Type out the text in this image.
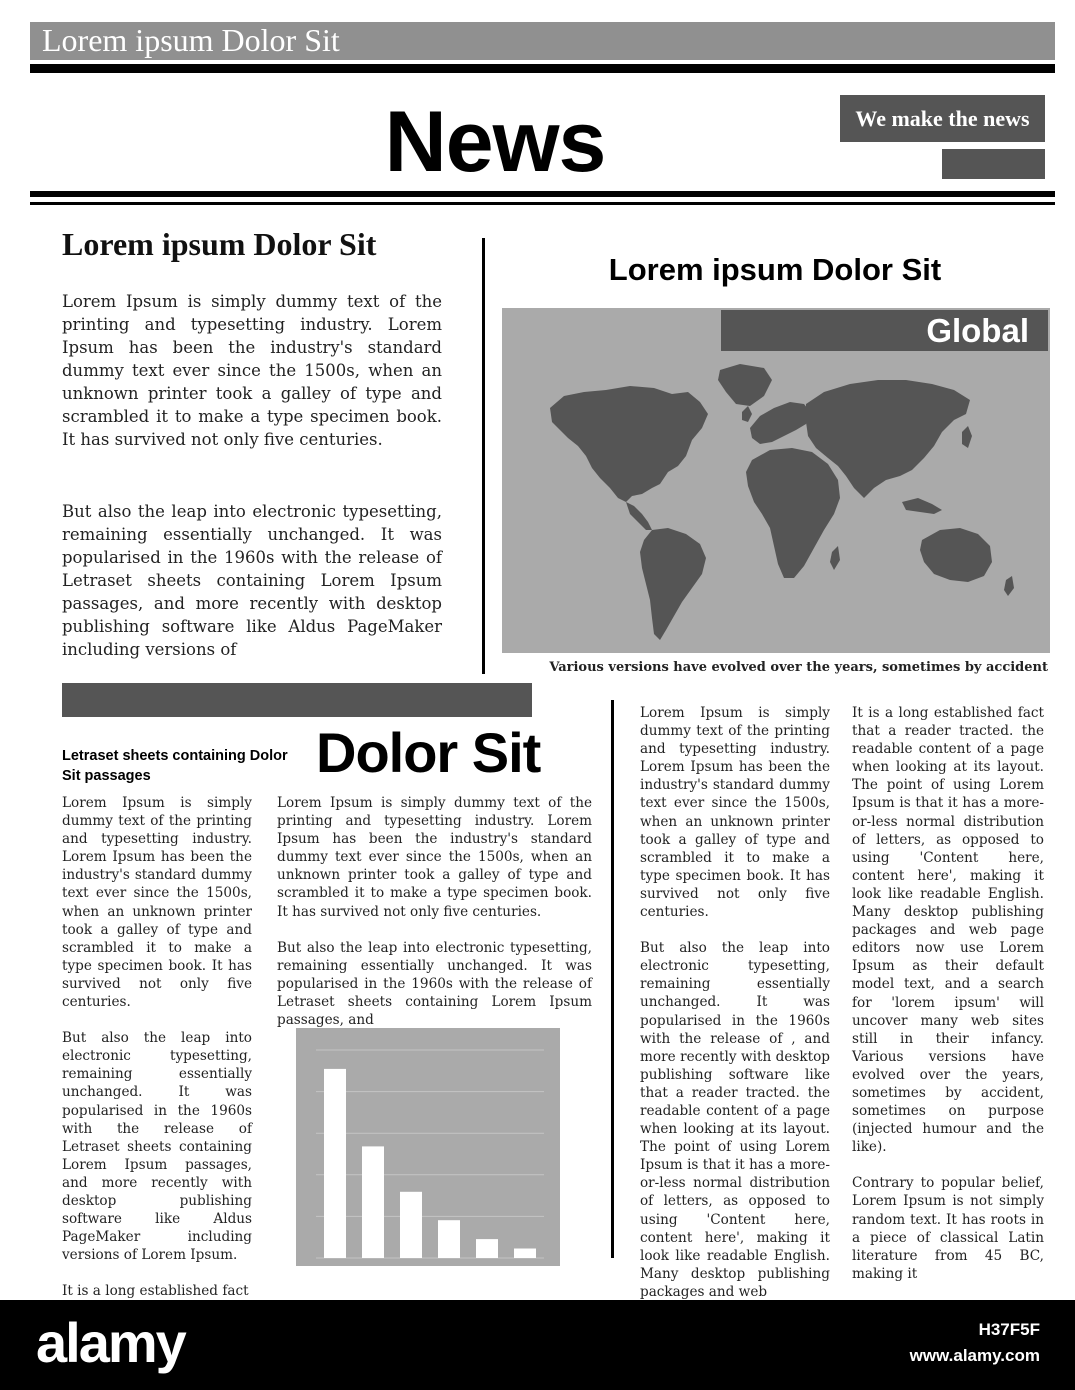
Lorem ipsum Dolor Sit
News	We make the news
Lorem ipsum Dolor Sit

Lorem Ipsum is simply dummy text of the printing and typesetting industry. Lorem Ipsum has been the industry's standard dummy text ever since the 1500s, when an unknown printer took a galley of type and scrambled it to make a type specimen book. It has survived not only five centuries.

But also the leap into electronic typesetting, remaining essentially unchanged. It was popularised in the 1960s with the release of Letraset sheets containing Lorem Ipsum passages, and more recently with desktop publishing software like Aldus PageMaker including versions of

Lorem ipsum Dolor Sit
Global
Various versions have evolved over the years, sometimes by accident
Letraset sheets containing Dolor Sit passages	Dolor Sit
Lorem Ipsum is simply dummy text of the printing and typesetting industry. Lorem Ipsum has been the industry's standard dummy text ever since the 1500s, when an unknown printer took a galley of type and scrambled it to make a type specimen book. It has survived not only five centuries.
But also the leap into electronic typesetting, remaining essentially unchanged. It was popularised in the 1960s with the release of Letraset sheets containing Lorem Ipsum passages, and more recently with desktop publishing software like Aldus PageMaker including versions of Lorem Ipsum.
It is a long established fact
Lorem Ipsum is simply dummy text of the printing and typesetting industry. Lorem Ipsum has been the industry's standard dummy text ever since the 1500s, when an unknown printer took a galley of type and scrambled it to make a type specimen book. It has survived not only five centuries.
But also the leap into electronic typesetting, remaining essentially unchanged. It was popularised in the 1960s with the release of Letraset sheets containing Lorem Ipsum passages, and
Lorem Ipsum is simply dummy text of the printing and typesetting industry. Lorem Ipsum has been the industry's standard dummy text ever since the 1500s, when an unknown printer took a galley of type and scrambled it to make a type specimen book. It has survived not only five centuries.
But also the leap into electronic typesetting, remaining essentially unchanged. It was popularised in the 1960s with the release of , and more recently with desktop publishing software like that a reader tracted. the readable content of a page when looking at its layout. The point of using Lorem Ipsum is that it has a more-or-less normal distribution of letters, as opposed to using 'Content here, content here', making it look like readable English. Many desktop publishing packages and web
It is a long established fact that a reader tracted. the readable content of a page when looking at its layout. The point of using Lorem Ipsum is that it has a more-or-less normal distribution of letters, as opposed to using 'Content here, content here', making it look like readable English. Many desktop publishing packages and web page editors now use Lorem Ipsum as their default model text, and a search for 'lorem ipsum' will uncover many web sites still in their infancy. Various versions have evolved over the years, sometimes by accident, sometimes on purpose (injected humour and the like).
Contrary to popular belief, Lorem Ipsum is not simply random text. It has roots in a piece of classical Latin literature from 45 BC, making it
alamy	H37F5F
www.alamy.com
